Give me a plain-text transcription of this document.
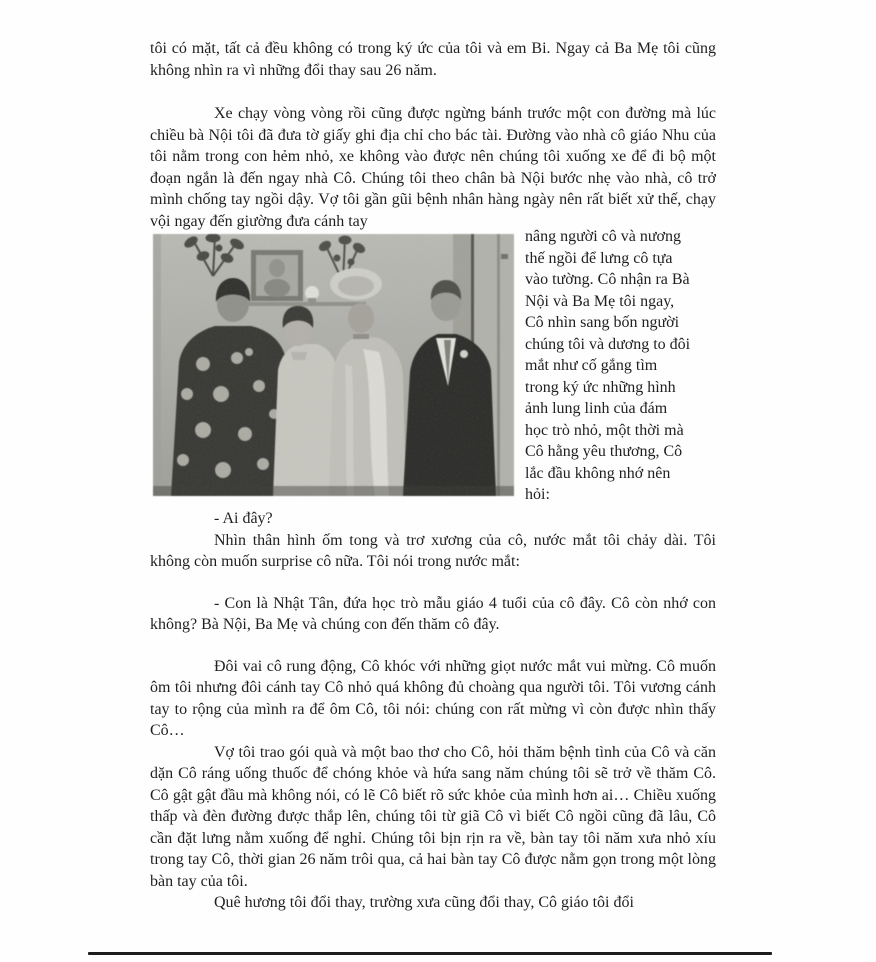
tôi có mặt, tất cả đều không có trong ký ức của tôi và em Bi. Ngay cả Ba Mẹ tôi cũng không nhìn ra vì những đổi thay sau 26 năm.

Xe chạy vòng vòng rồi cũng được ngừng bánh trước một con đường mà lúc chiều bà Nội tôi đã đưa tờ giấy ghi địa chỉ cho bác tài. Đường vào nhà cô giáo Nhu của tôi nằm trong con hẻm nhỏ, xe không vào được nên chúng tôi xuống xe để đi bộ một đoạn ngắn là đến ngay nhà Cô. Chúng tôi theo chân bà Nội bước nhẹ vào nhà, cô trở mình chống tay ngồi dậy. Vợ tôi gần gũi bệnh nhân hàng ngày nên rất biết xử thế, chạy vội ngay đến giường đưa cánh tay

nâng người cô và nương
thế ngồi để lưng cô tựa
vào tường. Cô nhận ra Bà
Nội và Ba Mẹ tôi ngay,
Cô nhìn sang bốn người
chúng tôi và dương to đôi
mắt như cố gắng tìm
trong ký ức những hình
ảnh lung linh của đám
học trò nhỏ, một thời mà
Cô hằng yêu thương, Cô
lắc đầu không nhớ nên
hỏi:

- Ai đây?

Nhìn thân hình ốm tong và trơ xương của cô, nước mắt tôi chảy dài. Tôi không còn muốn surprise cô nữa. Tôi nói trong nước mắt:

- Con là Nhật Tân, đứa học trò mẫu giáo 4 tuổi của cô đây. Cô còn nhớ con không? Bà Nội, Ba Mẹ và chúng con đến thăm cô đây.

Đôi vai cô rung động, Cô khóc với những giọt nước mắt vui mừng. Cô muốn ôm tôi nhưng đôi cánh tay Cô nhỏ quá không đủ choàng qua người tôi. Tôi vương cánh tay to rộng của mình ra để ôm Cô, tôi nói: chúng con rất mừng vì còn được nhìn thấy Cô…

Vợ tôi trao gói quà và một bao thơ cho Cô, hỏi thăm bệnh tình của Cô và căn dặn Cô ráng uống thuốc để chóng khỏe và hứa sang năm chúng tôi sẽ trở về thăm Cô. Cô gật gật đầu mà không nói, có lẽ Cô biết rõ sức khỏe của mình hơn ai… Chiều xuống thấp và đèn đường được thắp lên, chúng tôi từ giã Cô vì biết Cô ngồi cũng đã lâu, Cô cần đặt lưng nằm xuống để nghỉ. Chúng tôi bịn rịn ra về, bàn tay tôi năm xưa nhỏ xíu trong tay Cô, thời gian 26 năm trôi qua, cả hai bàn tay Cô được nằm gọn trong một lòng bàn tay của tôi.

Quê hương tôi đổi thay, trường xưa cũng đổi thay, Cô giáo tôi đổi
